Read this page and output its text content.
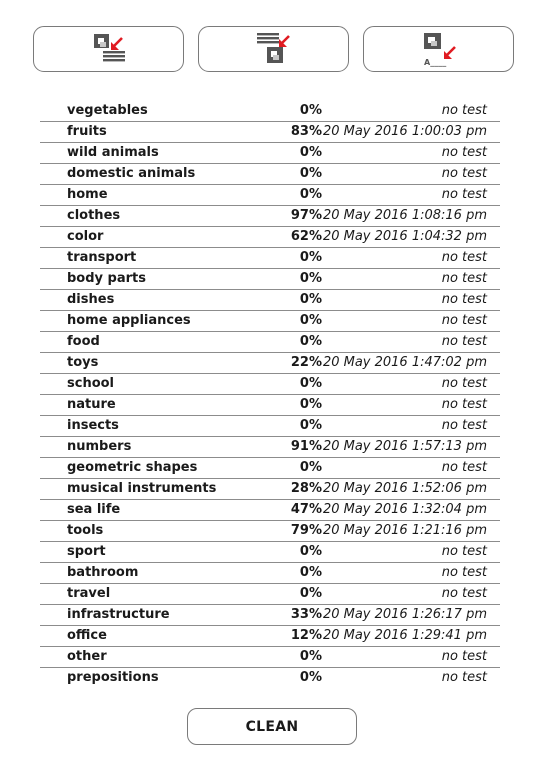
A____
vegetables	0%	no test
fruits	83%	20 May 2016 1:00:03 pm
wild animals	0%	no test
domestic animals	0%	no test
home	0%	no test
clothes	97%	20 May 2016 1:08:16 pm
color	62%	20 May 2016 1:04:32 pm
transport	0%	no test
body parts	0%	no test
dishes	0%	no test
home appliances	0%	no test
food	0%	no test
toys	22%	20 May 2016 1:47:02 pm
school	0%	no test
nature	0%	no test
insects	0%	no test
numbers	91%	20 May 2016 1:57:13 pm
geometric shapes	0%	no test
musical instruments	28%	20 May 2016 1:52:06 pm
sea life	47%	20 May 2016 1:32:04 pm
tools	79%	20 May 2016 1:21:16 pm
sport	0%	no test
bathroom	0%	no test
travel	0%	no test
infrastructure	33%	20 May 2016 1:26:17 pm
office	12%	20 May 2016 1:29:41 pm
other	0%	no test
prepositions	0%	no test
CLEAN
